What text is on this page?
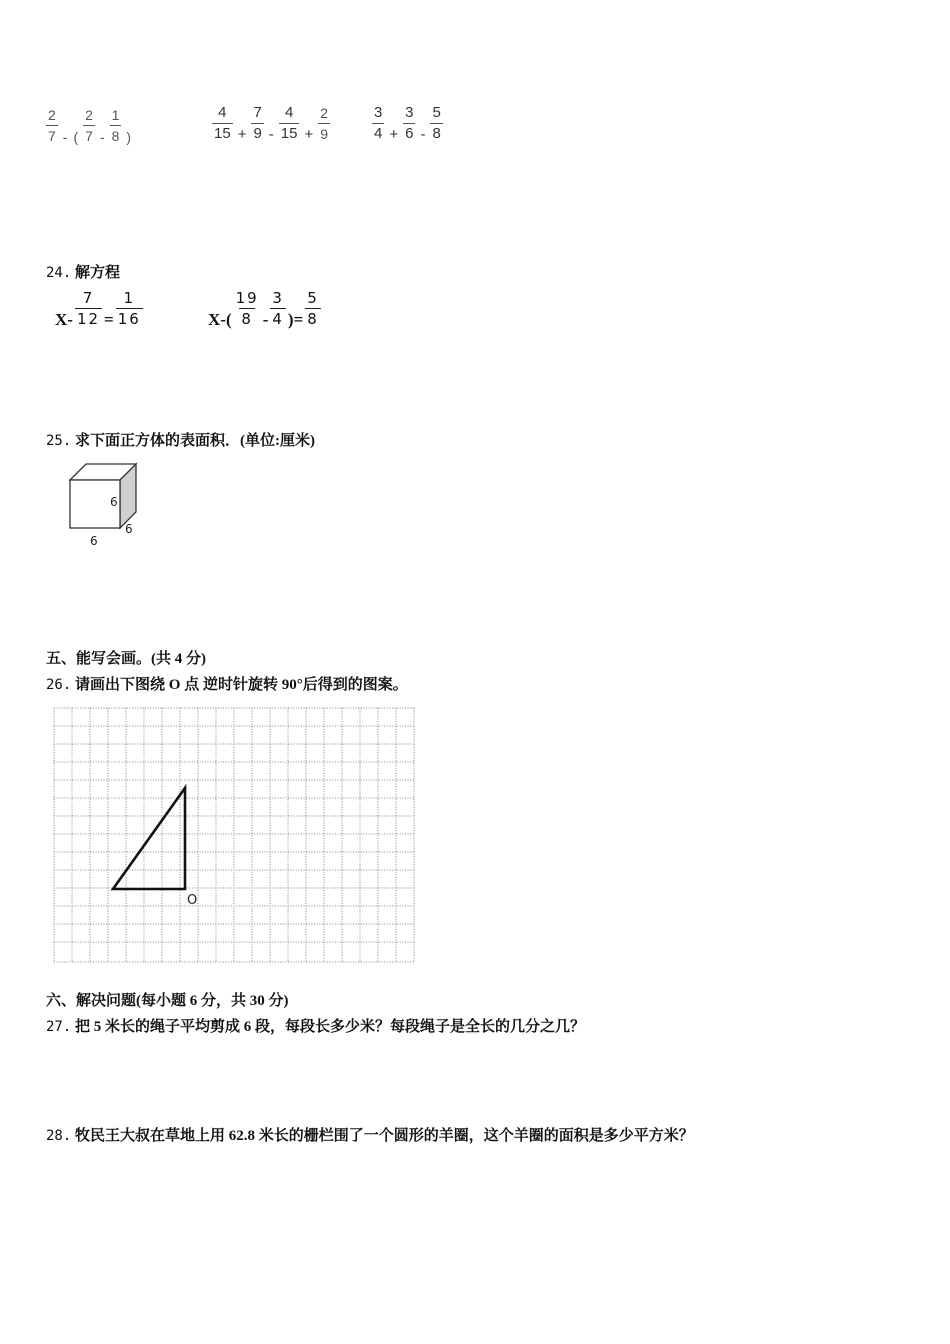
$\frac{2}{7}$ - ( $\frac{2}{7} - \frac{1}{8}$ )	$\frac{4}{15} + \frac{7}{9} - \frac{4}{15} + \frac{2}{9}$	$\frac{3}{4} + \frac{3}{6} - \frac{5}{8}$
24. 解方程
$X- \frac{7}{12} = \frac{1}{16}$	$X-( \frac{19}{8} - \frac{3}{4}$ )= $\frac{5}{8}$
25. 求下面正方体的表面积．(单位:厘米)
6
6
6
五、能写会画。(共 4 分)
26. 请画出下图绕 O 点 逆时针旋转 90°后得到的图案。
O
六、解决问题(每小题 6 分，共 30 分)
27. 把 5 米长的绳子平均剪成 6 段，每段长多少米？每段绳子是全长的几分之几？
28. 牧民王大叔在草地上用 62.8 米长的栅栏围了一个圆形的羊圈，这个羊圈的面积是多少平方米？
